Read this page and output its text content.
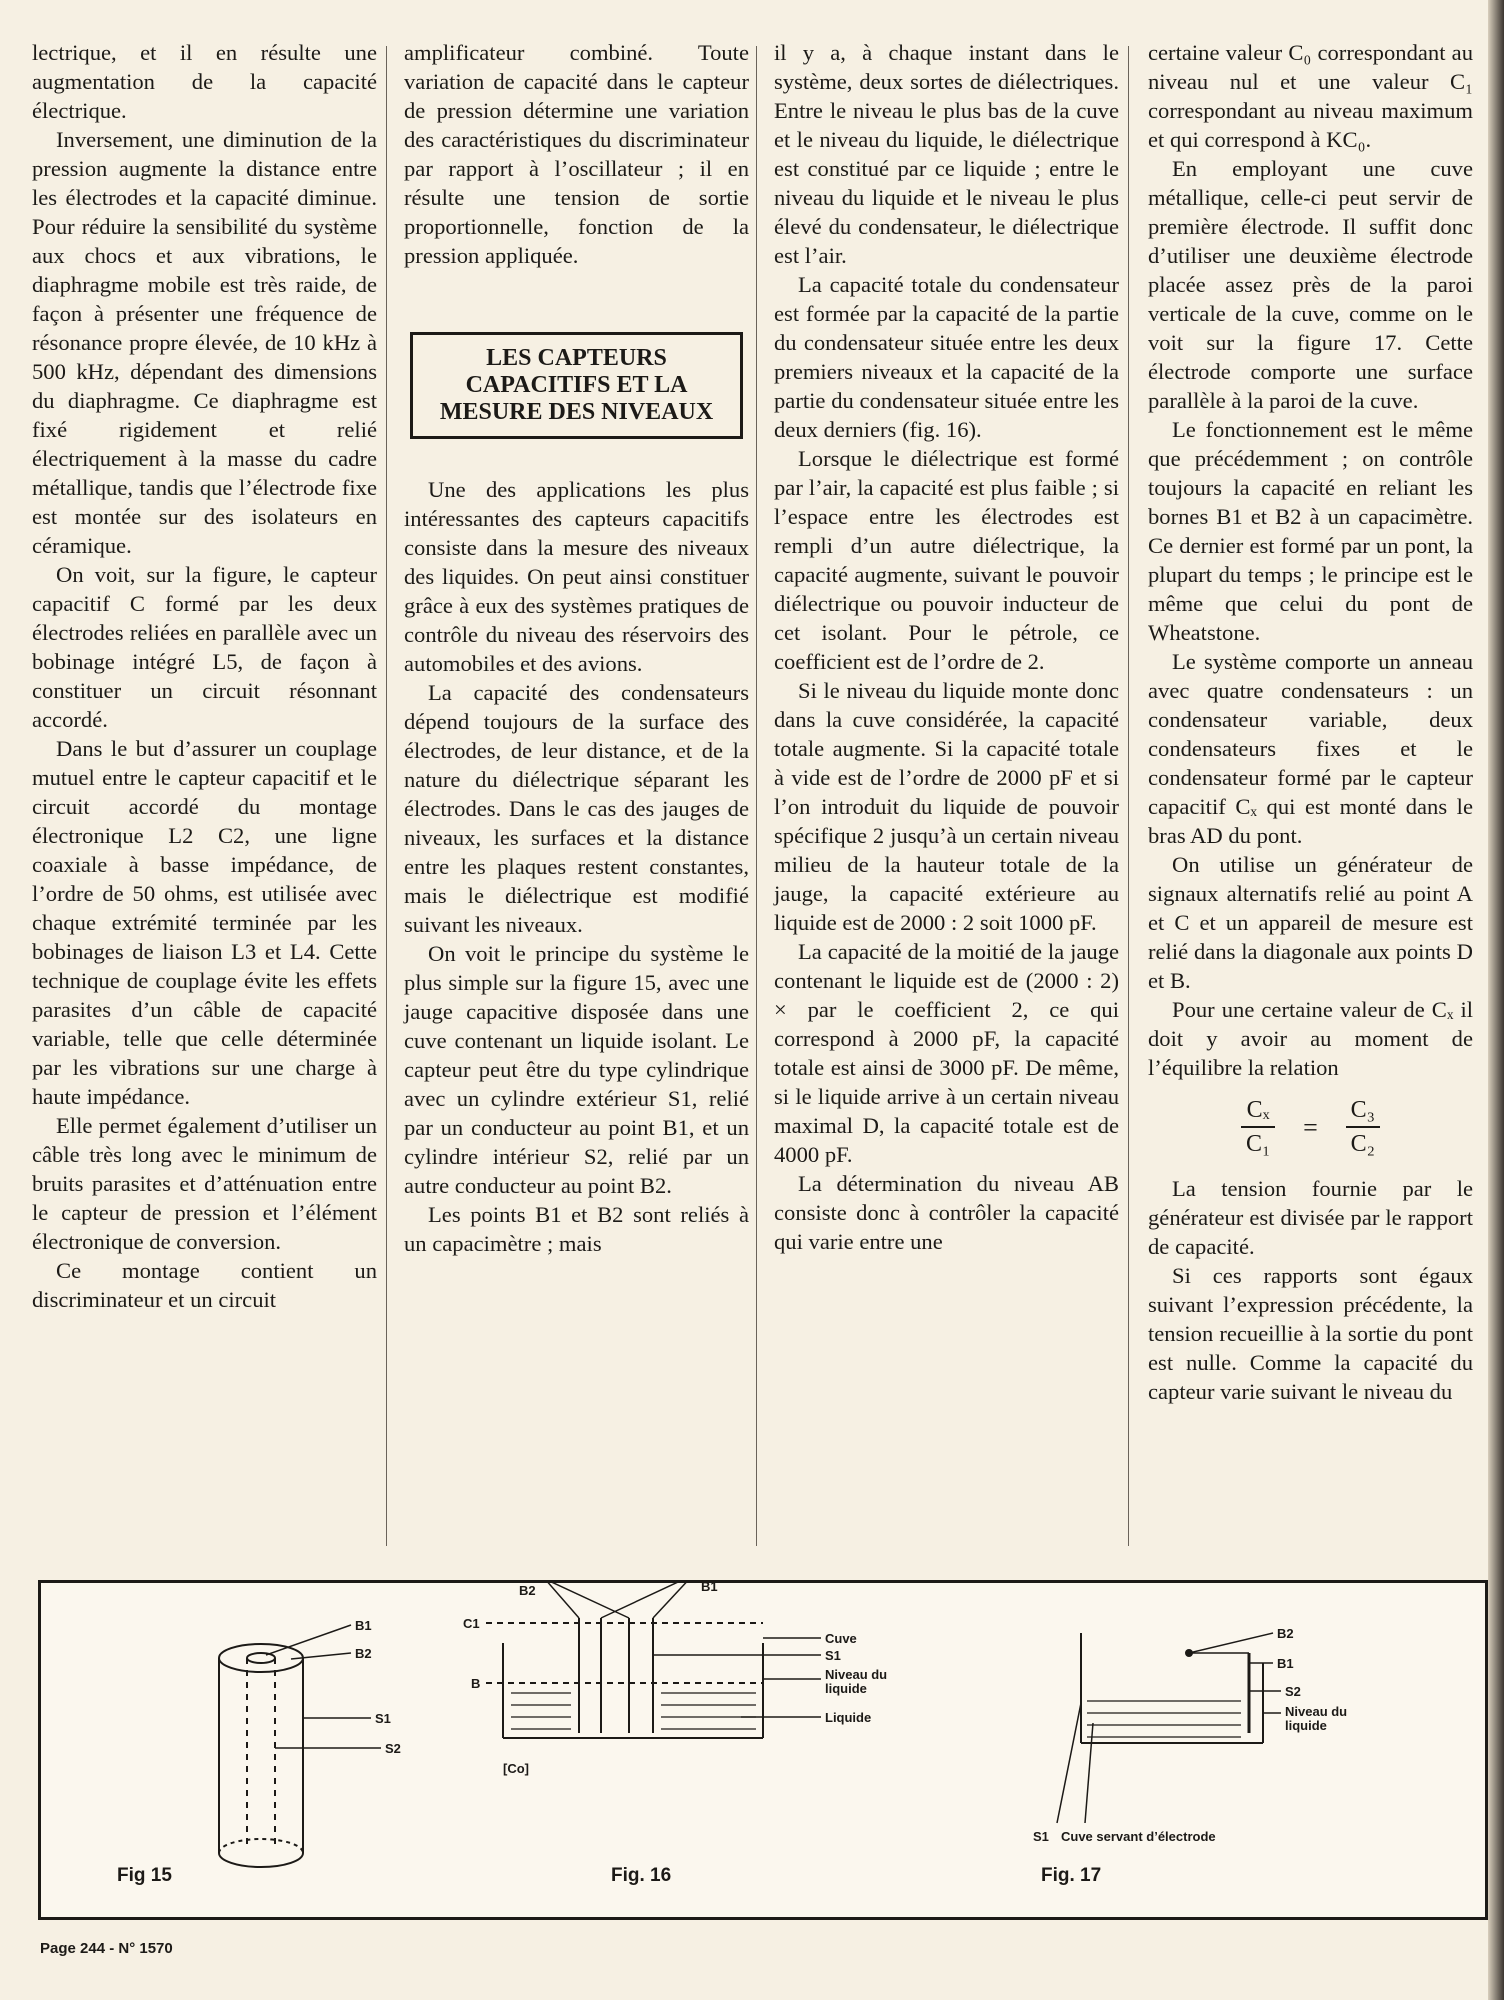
lectrique, et il en résulte une augmentation de la capacité électrique.

Inversement, une diminution de la pression augmente la distance entre les électrodes et la capacité diminue. Pour réduire la sensibilité du système aux chocs et aux vibrations, le diaphragme mobile est très raide, de façon à présenter une fréquence de résonance propre élevée, de 10 kHz à 500 kHz, dépendant des dimensions du diaphragme. Ce diaphragme est fixé rigidement et relié électriquement à la masse du cadre métallique, tandis que l’électrode fixe est montée sur des isolateurs en céramique.

On voit, sur la figure, le capteur capacitif C formé par les deux électrodes reliées en parallèle avec un bobinage intégré L5, de façon à constituer un circuit résonnant accordé.

Dans le but d’assurer un couplage mutuel entre le capteur capacitif et le circuit accordé du montage électronique L2 C2, une ligne coaxiale à basse impédance, de l’ordre de 50 ohms, est utilisée avec chaque extrémité terminée par les bobinages de liaison L3 et L4. Cette technique de couplage évite les effets parasites d’un câble de capacité variable, telle que celle déterminée par les vibrations sur une charge à haute impédance.

Elle permet également d’utiliser un câble très long avec le minimum de bruits parasites et d’atténuation entre le capteur de pression et l’élément électronique de conversion.

Ce montage contient un discriminateur et un circuit

amplificateur combiné. Toute variation de capacité dans le capteur de pression détermine une variation des caractéristiques du discriminateur par rapport à l’oscillateur ; il en résulte une tension de sortie proportionnelle, fonction de la pression appliquée.

LES CAPTEURS CAPACITIFS ET LA MESURE DES NIVEAUX

Une des applications les plus intéressantes des capteurs capacitifs consiste dans la mesure des niveaux des liquides. On peut ainsi constituer grâce à eux des systèmes pratiques de contrôle du niveau des réservoirs des automobiles et des avions.

La capacité des condensateurs dépend toujours de la surface des électrodes, de leur distance, et de la nature du diélectrique séparant les électrodes. Dans le cas des jauges de niveaux, les surfaces et la distance entre les plaques restent constantes, mais le diélectrique est modifié suivant les niveaux.

On voit le principe du système le plus simple sur la figure 15, avec une jauge capacitive disposée dans une cuve contenant un liquide isolant. Le capteur peut être du type cylindrique avec un cylindre extérieur S1, relié par un conducteur au point B1, et un cylindre intérieur S2, relié par un autre conducteur au point B2.

Les points B1 et B2 sont reliés à un capacimètre ; mais

il y a, à chaque instant dans le système, deux sortes de diélectriques. Entre le niveau le plus bas de la cuve et le niveau du liquide, le diélectrique est constitué par ce liquide ; entre le niveau du liquide et le niveau le plus élevé du condensateur, le diélectrique est l’air.

La capacité totale du condensateur est formée par la capacité de la partie du condensateur située entre les deux premiers niveaux et la capacité de la partie du condensateur située entre les deux derniers (fig. 16).

Lorsque le diélectrique est formé par l’air, la capacité est plus faible ; si l’espace entre les électrodes est rempli d’un autre diélectrique, la capacité augmente, suivant le pouvoir diélectrique ou pouvoir inducteur de cet isolant. Pour le pétrole, ce coefficient est de l’ordre de 2.

Si le niveau du liquide monte donc dans la cuve considérée, la capacité totale augmente. Si la capacité totale à vide est de l’ordre de 2000 pF et si l’on introduit du liquide de pouvoir spécifique 2 jusqu’à un certain niveau milieu de la hauteur totale de la jauge, la capacité extérieure au liquide est de 2000 : 2 soit 1000 pF.

La capacité de la moitié de la jauge contenant le liquide est de (2000 : 2) × par le coefficient 2, ce qui correspond à 2000 pF, la capacité totale est ainsi de 3000 pF. De même, si le liquide arrive à un certain niveau maximal D, la capacité totale est de 4000 pF.

La détermination du niveau AB consiste donc à contrôler la capacité qui varie entre une

certaine valeur C₀ correspondant au niveau nul et une valeur C₁ correspondant au niveau maximum et qui correspond à KC₀.

En employant une cuve métallique, celle-ci peut servir de première électrode. Il suffit donc d’utiliser une deuxième électrode placée assez près de la paroi verticale de la cuve, comme on le voit sur la figure 17. Cette électrode comporte une surface parallèle à la paroi de la cuve.

Le fonctionnement est le même que précédemment ; on contrôle toujours la capacité en reliant les bornes B1 et B2 à un capacimètre. Ce dernier est formé par un pont, la plupart du temps ; le principe est le même que celui du pont de Wheatstone.

Le système comporte un anneau avec quatre condensateurs : un condensateur variable, deux condensateurs fixes et le condensateur formé par le capteur capacitif Cₓ qui est monté dans le bras AD du pont.

On utilise un générateur de signaux alternatifs relié au point A et C et un appareil de mesure est relié dans la diagonale aux points D et B.

Pour une certaine valeur de Cₓ il doit y avoir au moment de l’équilibre la relation

$\frac{\text{Cₓ}}{\text{C₁}} = \frac{\text{C₃}}{\text{C₂}}$

La tension fournie par le générateur est divisée par le rapport de capacité.

Si ces rapports sont égaux suivant l’expression précédente, la tension recueillie à la sortie du pont est nulle. Comme la capacité du capteur varie suivant le niveau du

B1
B2
S1
S2
B2	B1
C1
B
[Co]
Cuve
S1
Niveau du
liquide
Liquide
B2
B1
S2
Niveau du
liquide
S1 Cuve servant d’électrode
Fig 15	Fig. 16	Fig. 17
Page 244 - N° 1570
